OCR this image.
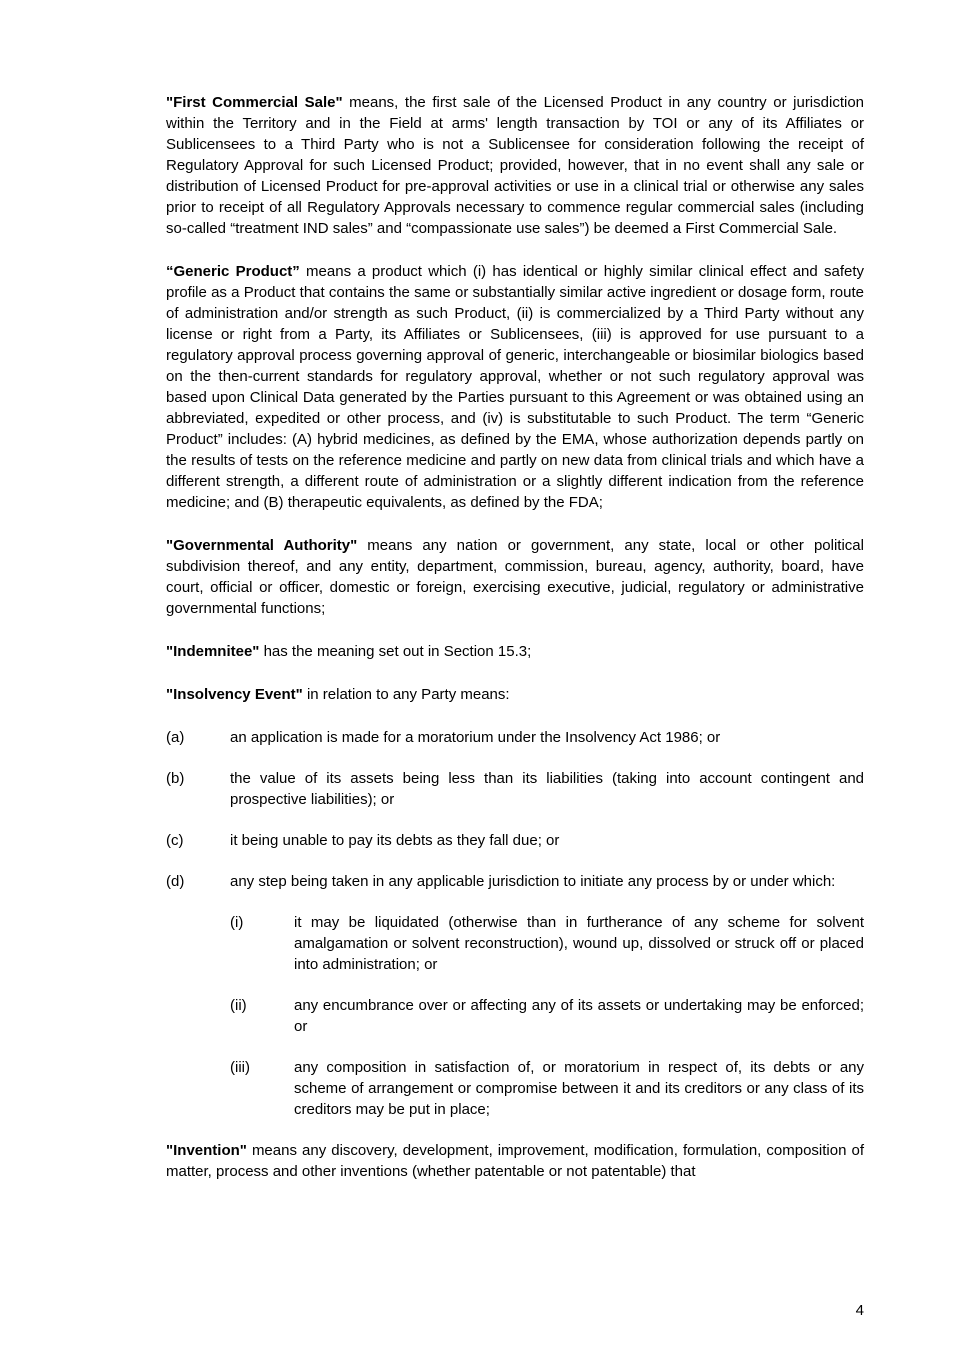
"First Commercial Sale" means, the first sale of the Licensed Product in any country or jurisdiction within the Territory and in the Field at arms' length transaction by TOI or any of its Affiliates or Sublicensees to a Third Party who is not a Sublicensee for consideration following the receipt of Regulatory Approval for such Licensed Product; provided, however, that in no event shall any sale or distribution of Licensed Product for pre-approval activities or use in a clinical trial or otherwise any sales prior to receipt of all Regulatory Approvals necessary to commence regular commercial sales (including so-called “treatment IND sales” and “compassionate use sales”) be deemed a First Commercial Sale.

“Generic Product” means a product which (i) has identical or highly similar clinical effect and safety profile as a Product that contains the same or substantially similar active ingredient or dosage form, route of administration and/or strength as such Product, (ii) is commercialized by a Third Party without any license or right from a Party, its Affiliates or Sublicensees, (iii) is approved for use pursuant to a regulatory approval process governing approval of generic, interchangeable or biosimilar biologics based on the then-current standards for regulatory approval, whether or not such regulatory approval was based upon Clinical Data generated by the Parties pursuant to this Agreement or was obtained using an abbreviated, expedited or other process, and (iv) is substitutable to such Product. The term “Generic Product” includes: (A) hybrid medicines, as defined by the EMA, whose authorization depends partly on the results of tests on the reference medicine and partly on new data from clinical trials and which have a different strength, a different route of administration or a slightly different indication from the reference medicine; and (B) therapeutic equivalents, as defined by the FDA;

"Governmental Authority" means any nation or government, any state, local or other political subdivision thereof, and any entity, department, commission, bureau, agency, authority, board, have court, official or officer, domestic or foreign, exercising executive, judicial, regulatory or administrative governmental functions;

"Indemnitee" has the meaning set out in Section 15.3;

"Insolvency Event" in relation to any Party means:

(a)	an application is made for a moratorium under the Insolvency Act 1986; or
(b)	the value of its assets being less than its liabilities (taking into account contingent and prospective liabilities); or
(c)	it being unable to pay its debts as they fall due; or
(d)	any step being taken in any applicable jurisdiction to initiate any process by or under which:
(i)	it may be liquidated (otherwise than in furtherance of any scheme for solvent amalgamation or solvent reconstruction), wound up, dissolved or struck off or placed into administration; or
(ii)	any encumbrance over or affecting any of its assets or undertaking may be enforced; or
(iii)	any composition in satisfaction of, or moratorium in respect of, its debts or any scheme of arrangement or compromise between it and its creditors or any class of its creditors may be put in place;

"Invention" means any discovery, development, improvement, modification, formulation, composition of matter, process and other inventions (whether patentable or not patentable) that

4
